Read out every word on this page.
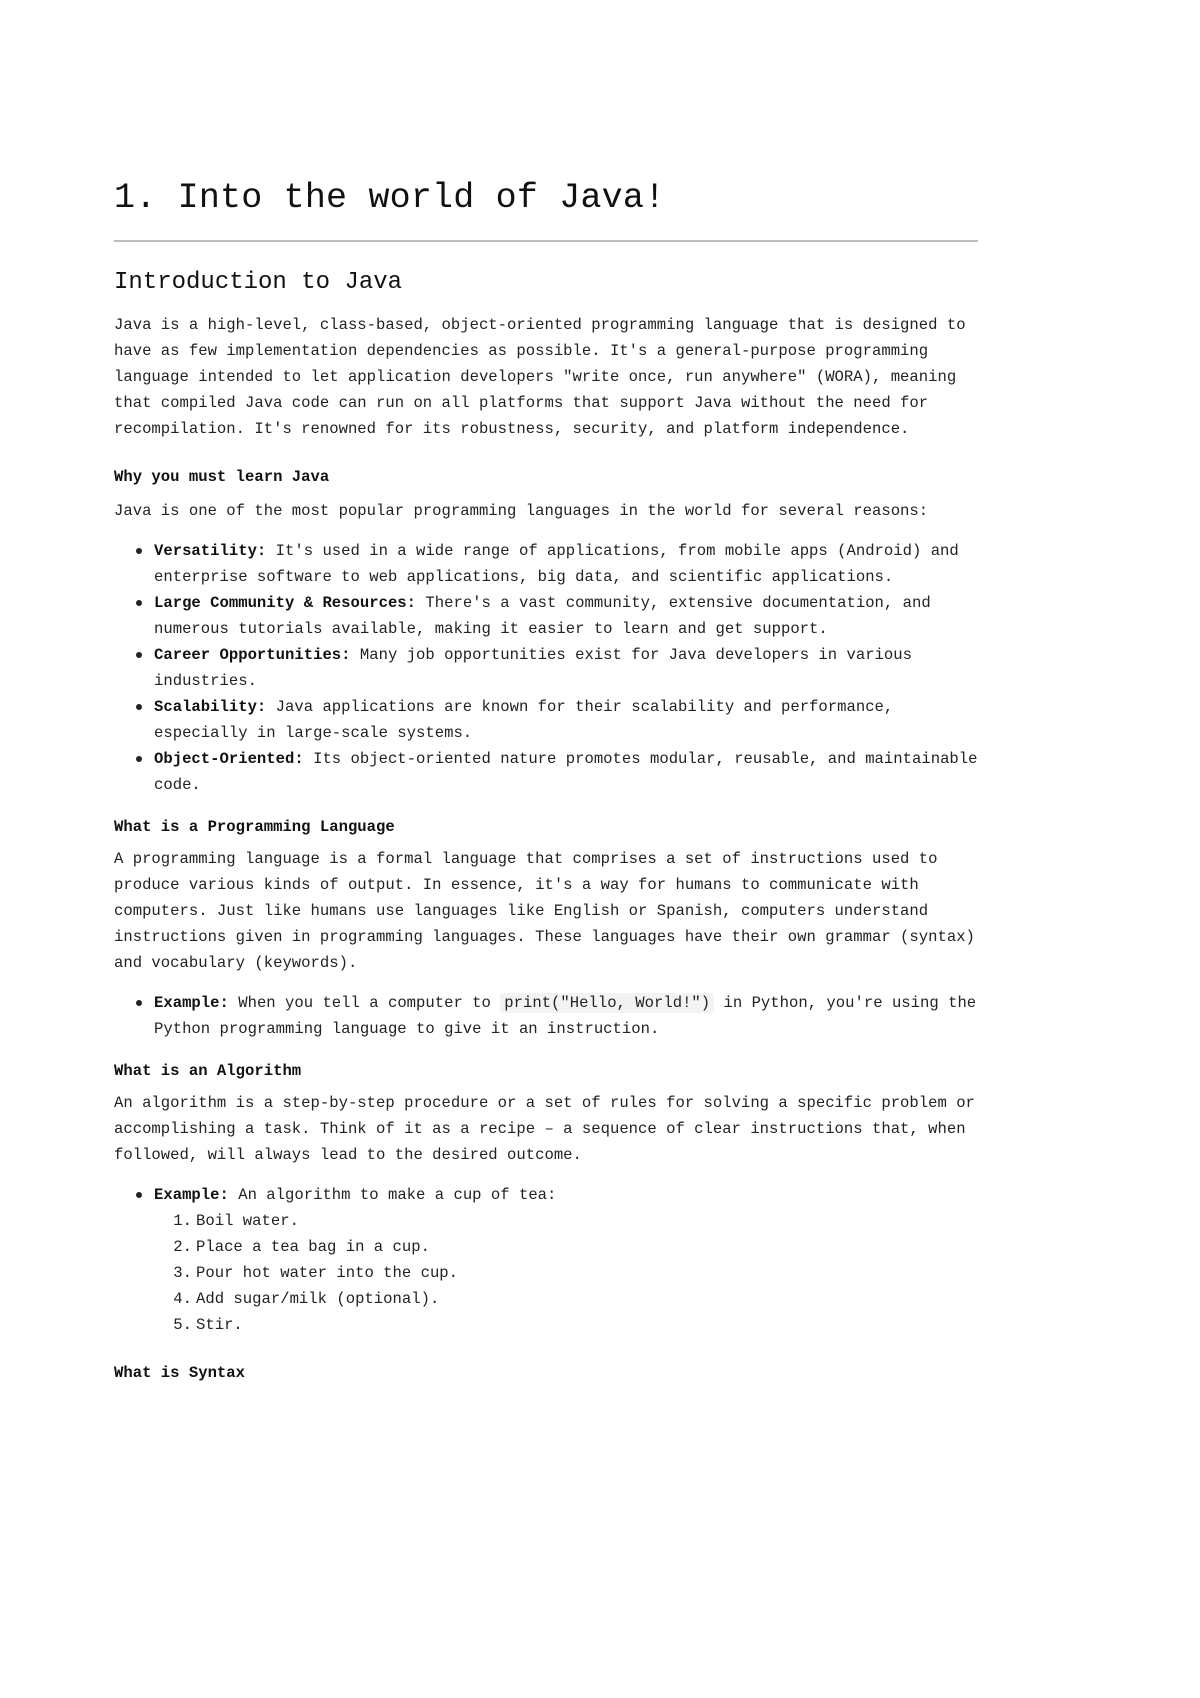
1. Into the world of Java!
Introduction to Java

Java is a high-level, class-based, object-oriented programming language that is designed to have as few implementation dependencies as possible. It's a general-purpose programming language intended to let application developers "write once, run anywhere" (WORA), meaning that compiled Java code can run on all platforms that support Java without the need for recompilation. It's renowned for its robustness, security, and platform independence.

Why you must learn Java

Java is one of the most popular programming languages in the world for several reasons:

Versatility: It's used in a wide range of applications, from mobile apps (Android) and enterprise software to web applications, big data, and scientific applications.
Large Community & Resources: There's a vast community, extensive documentation, and numerous tutorials available, making it easier to learn and get support.
Career Opportunities: Many job opportunities exist for Java developers in various industries.
Scalability: Java applications are known for their scalability and performance, especially in large-scale systems.
Object-Oriented: Its object-oriented nature promotes modular, reusable, and maintainable code.
What is a Programming Language

A programming language is a formal language that comprises a set of instructions used to produce various kinds of output. In essence, it's a way for humans to communicate with computers. Just like humans use languages like English or Spanish, computers understand instructions given in programming languages. These languages have their own grammar (syntax) and vocabulary (keywords).

Example: When you tell a computer to print("Hello, World!") in Python, you're using the Python programming language to give it an instruction.
What is an Algorithm

An algorithm is a step-by-step procedure or a set of rules for solving a specific problem or accomplishing a task. Think of it as a recipe – a sequence of clear instructions that, when followed, will always lead to the desired outcome.

Example: An algorithm to make a cup of tea:
1. Boil water.
2. Place a tea bag in a cup.
3. Pour hot water into the cup.
4. Add sugar/milk (optional).
5. Stir.
What is Syntax
